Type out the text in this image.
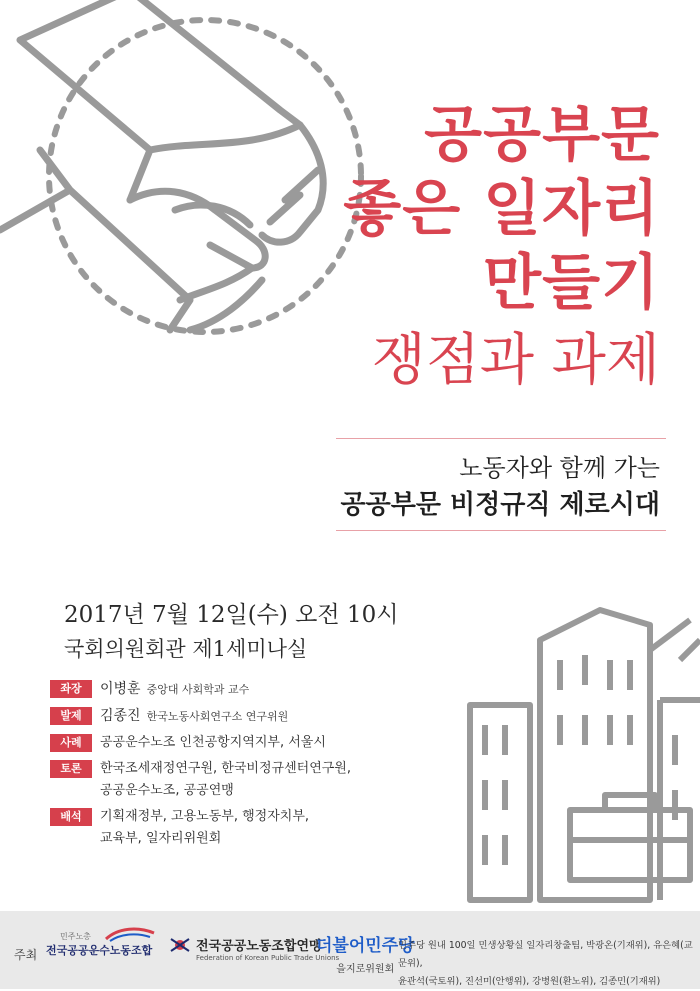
공공부문
좋은 일자리
만들기
쟁점과 과제
노동자와 함께 가는
공공부문 비정규직 제로시대
2017년 7월 12일(수) 오전 10시
국회의원회관 제1세미나실
좌장	이병훈 중앙대 사회학과 교수
발제	김종진 한국노동사회연구소 연구위원
사례	공공운수노조 인천공항지역지부, 서울시
토론	한국조세재정연구원, 한국비정규센터연구원,
공공운수노조, 공공연맹
배석	기획재정부, 고용노동부, 행정자치부,
교육부, 일자리위원회
주최
민주노총
전국공공운수노동조합	전국공공노동조합연맹
Federation of Korean Public Trade Unions
더불어민주당
을지로위원회
민주당 원내 100일 민생상황실 일자리창출팀, 박광온(기재위), 유은혜(교문위),
윤관석(국토위), 진선미(안행위), 강병원(환노위), 김종민(기재위)
